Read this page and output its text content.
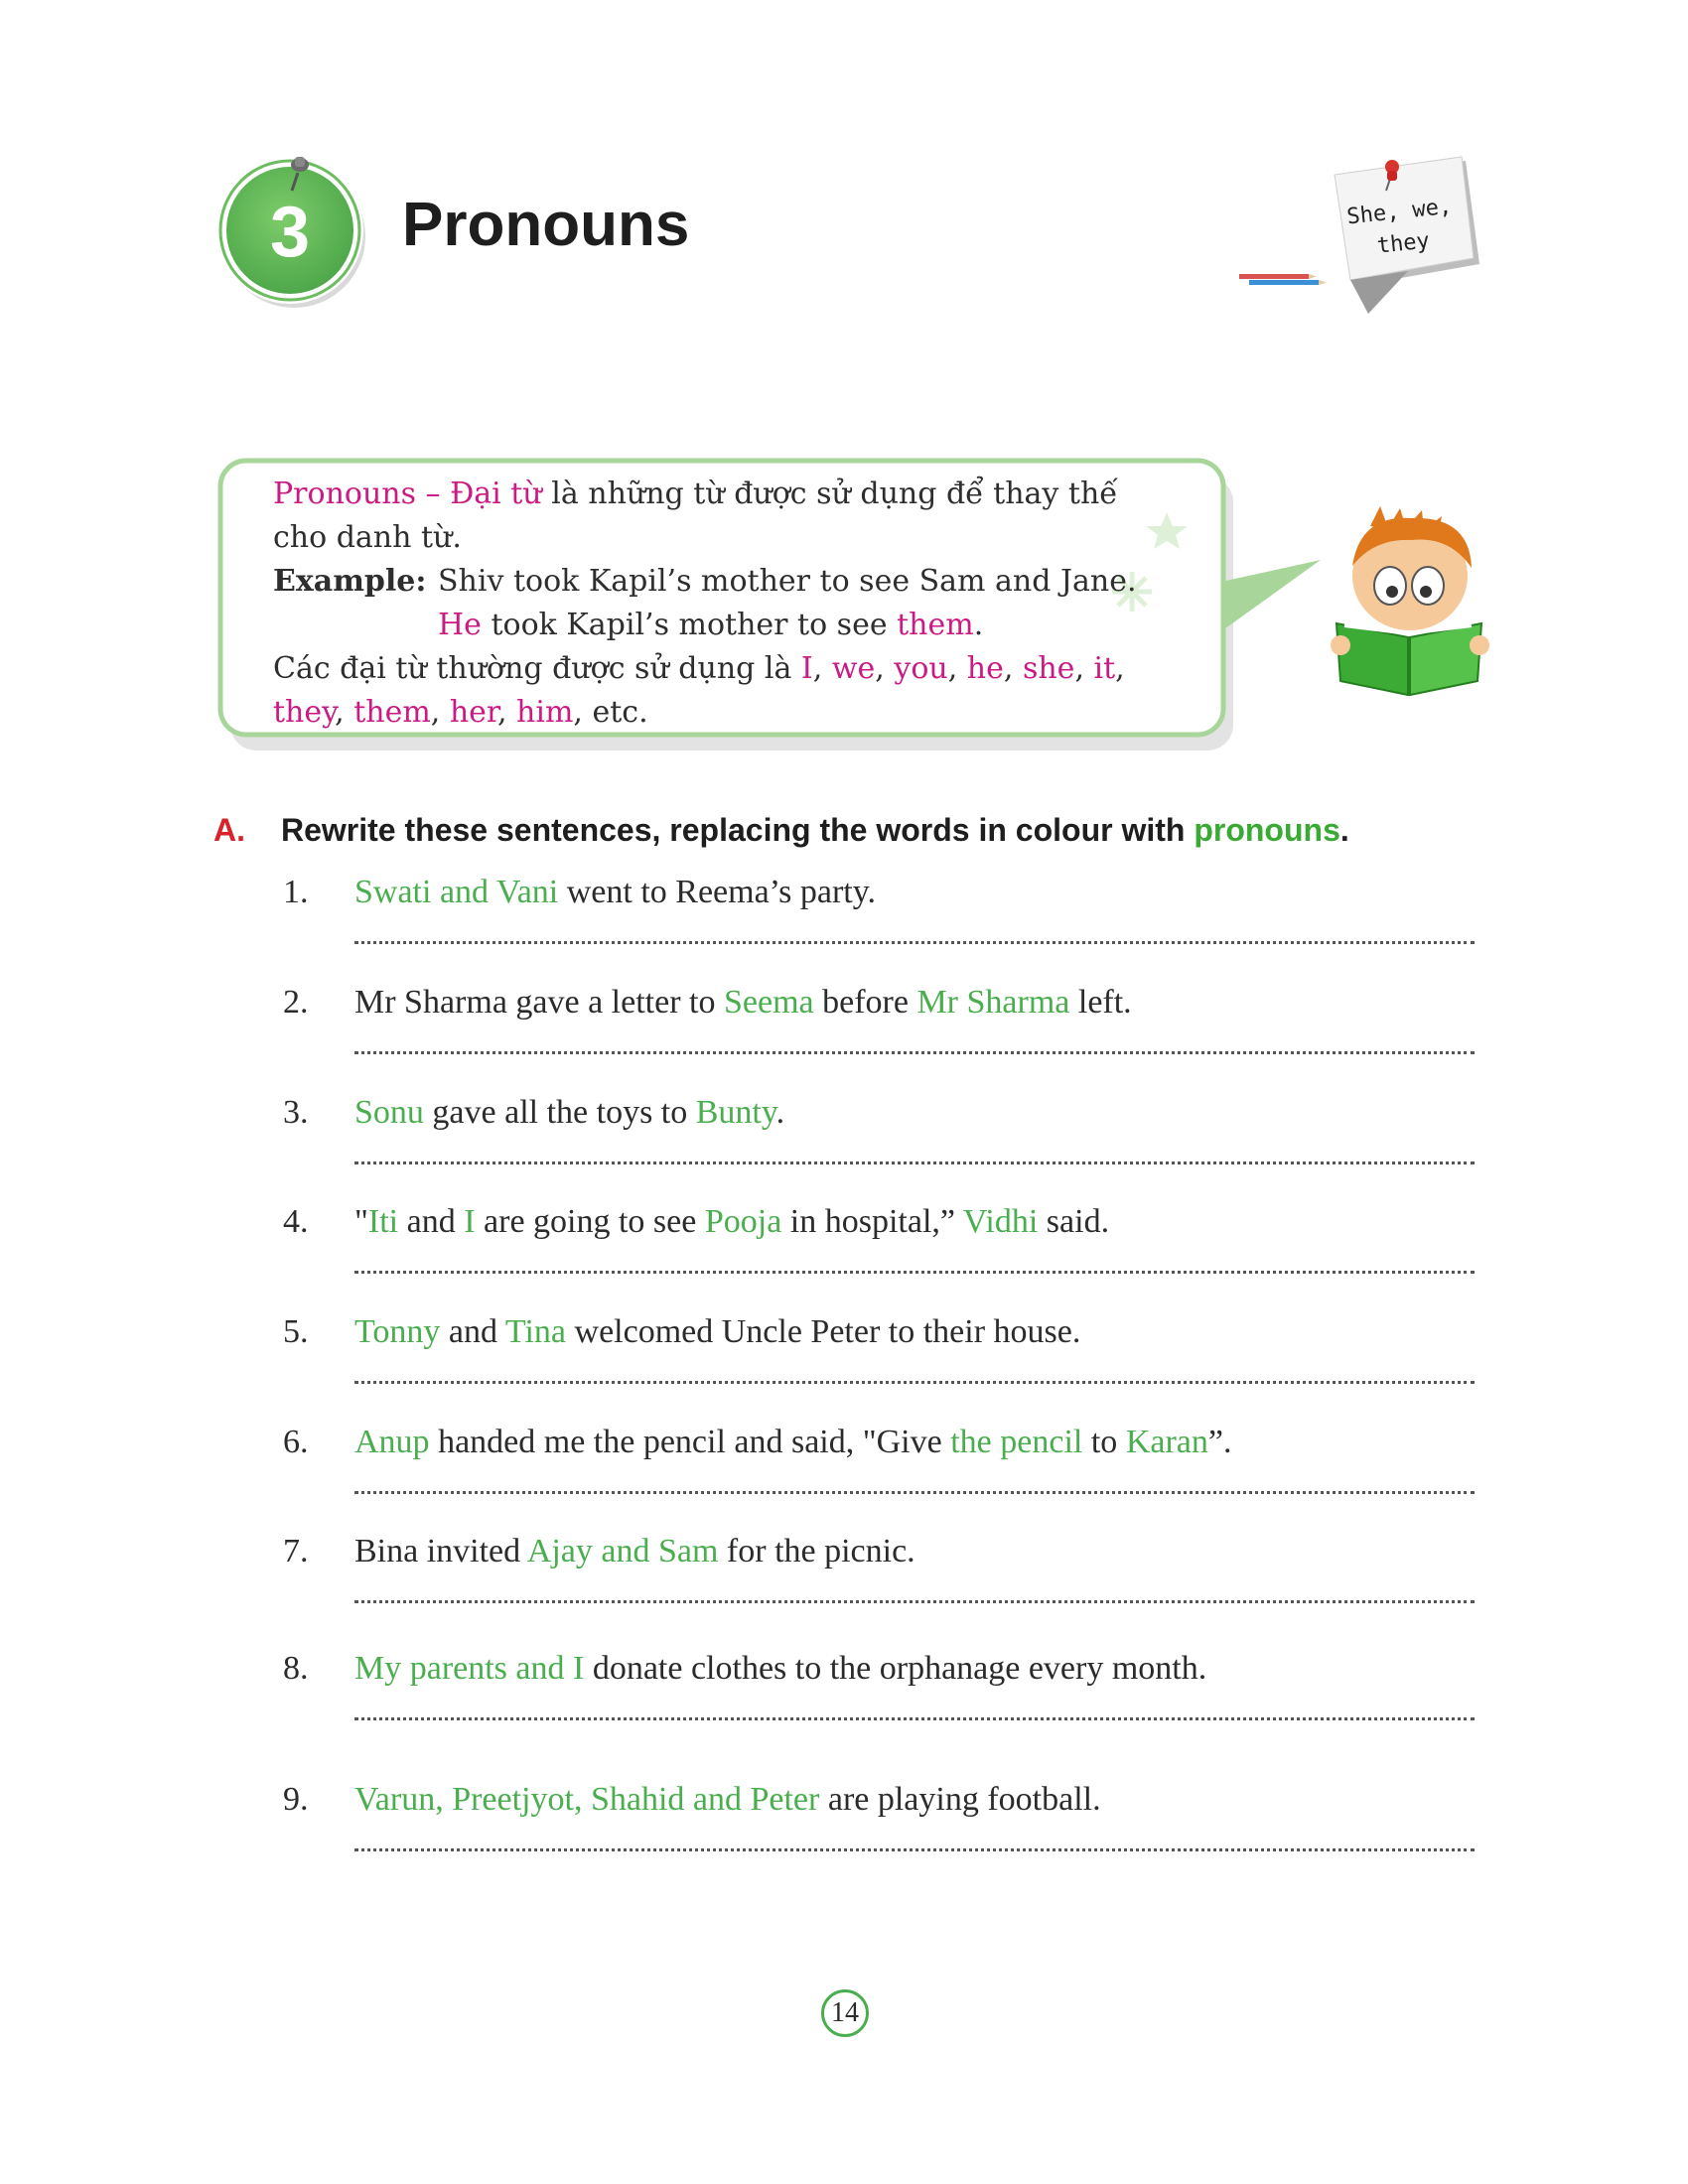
3 Pronouns	She, we,
they

Pronouns – Đại từ là những từ được sử dụng để thay thế cho danh từ.

Example: Shiv took Kapil’s mother to see Sam and Jane.

He took Kapil’s mother to see them.

Các đại từ thường được sử dụng là I, we, you, he, she, it, they, them, her, him, etc.

A. Rewrite these sentences, replacing the words in colour with pronouns.
1. Swati and Vani went to Reema’s party.
2. Mr Sharma gave a letter to Seema before Mr Sharma left.
3. Sonu gave all the toys to Bunty.
4. "Iti and I are going to see Pooja in hospital,” Vidhi said.
5. Tonny and Tina welcomed Uncle Peter to their house.
6. Anup handed me the pencil and said, "Give the pencil to Karan”.
7. Bina invited Ajay and Sam for the picnic.
8. My parents and I donate clothes to the orphanage every month.
9. Varun, Preetjyot, Shahid and Peter are playing football.
14
